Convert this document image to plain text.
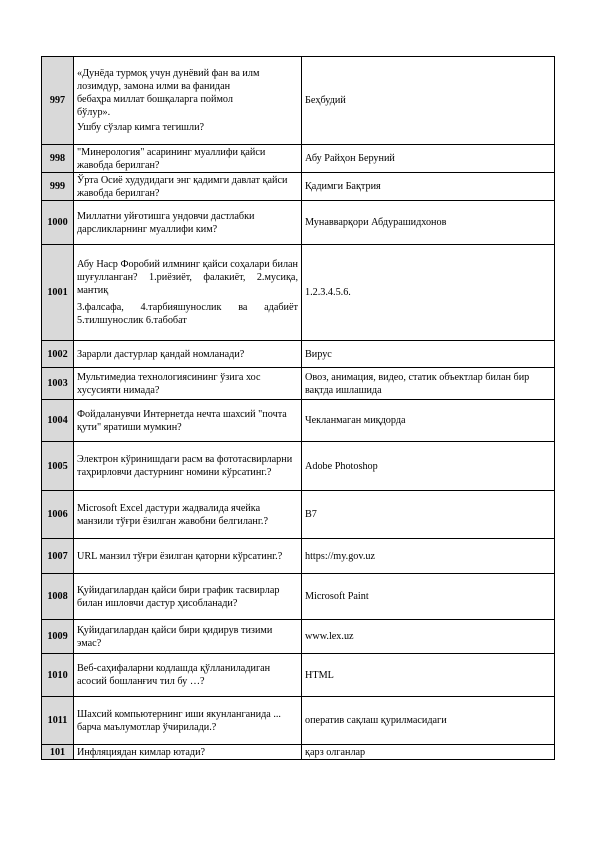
997	«Дунёда турмоқ учун дунёвий фан ва илм
лозимдур, замона илми ва фанидан
бебаҳра миллат бошқаларга поймол
бўлур».
Ушбу сўзлар кимга тегишли?	Беҳбудий
998	"Минерология" асарининг муаллифи қайси жавобда берилган?	Абу Райҳон Беруний
999	Ўрта Осиё худудидаги энг қадимги давлат қайси жавобда берилган?	Қадимги Бақтрия
1000	Миллатни уйғотишга ундовчи дастлабки дарсликларнинг муаллифи ким?	Мунавварқори Абдурашидхонов
1001	Абу Наср Форобий илмнинг қайси соҳалари билан шуғулланган? 1.риёзиёт, фалакиёт, 2.мусиқа, мантиқ
3.фалсафа, 4.тарбияшунослик ва адабиёт 5.тилшунослик 6.табобат	1.2.3.4.5.6.
1002	Зарарли дастурлар қандай номланади?	Вирус
1003	Мультимедиа технологиясининг ўзига хос хусусияти нимада?	Овоз, анимация, видео, статик объектлар билан бир вақтда ишлашида
1004	Фойдаланувчи Интернетда нечта шахсий "почта қути" яратиши мумкин?	Чекланмаган миқдорда
1005	Электрон кўринишдаги расм ва фототасвирларни таҳрирловчи дастурнинг номини кўрсатинг.?	Adobe Photoshop
1006	Microsoft Excel дастури жадвалида ячейка манзили тўғри ёзилган жавобни белгиланг.?	B7
1007	URL манзил тўғри ёзилган қаторни кўрсатинг.?	https://my.gov.uz
1008	Қуйидагилардан қайси бири график тасвирлар билан ишловчи дастур ҳисобланади?	Microsoft Paint
1009	Қуйидагилардан қайси бири қидирув тизими эмас?	www.lex.uz
1010	Веб-саҳифаларни кодлашда қўлланиладиган асосий бошланғич тил бу …?	HTML
1011	Шахсий компьютернинг иши якунланганида ... барча маълумотлар ўчирилади.?	оператив сақлаш қурилмасидаги
101	Инфляциядан кимлар ютади?	қарз олганлар
